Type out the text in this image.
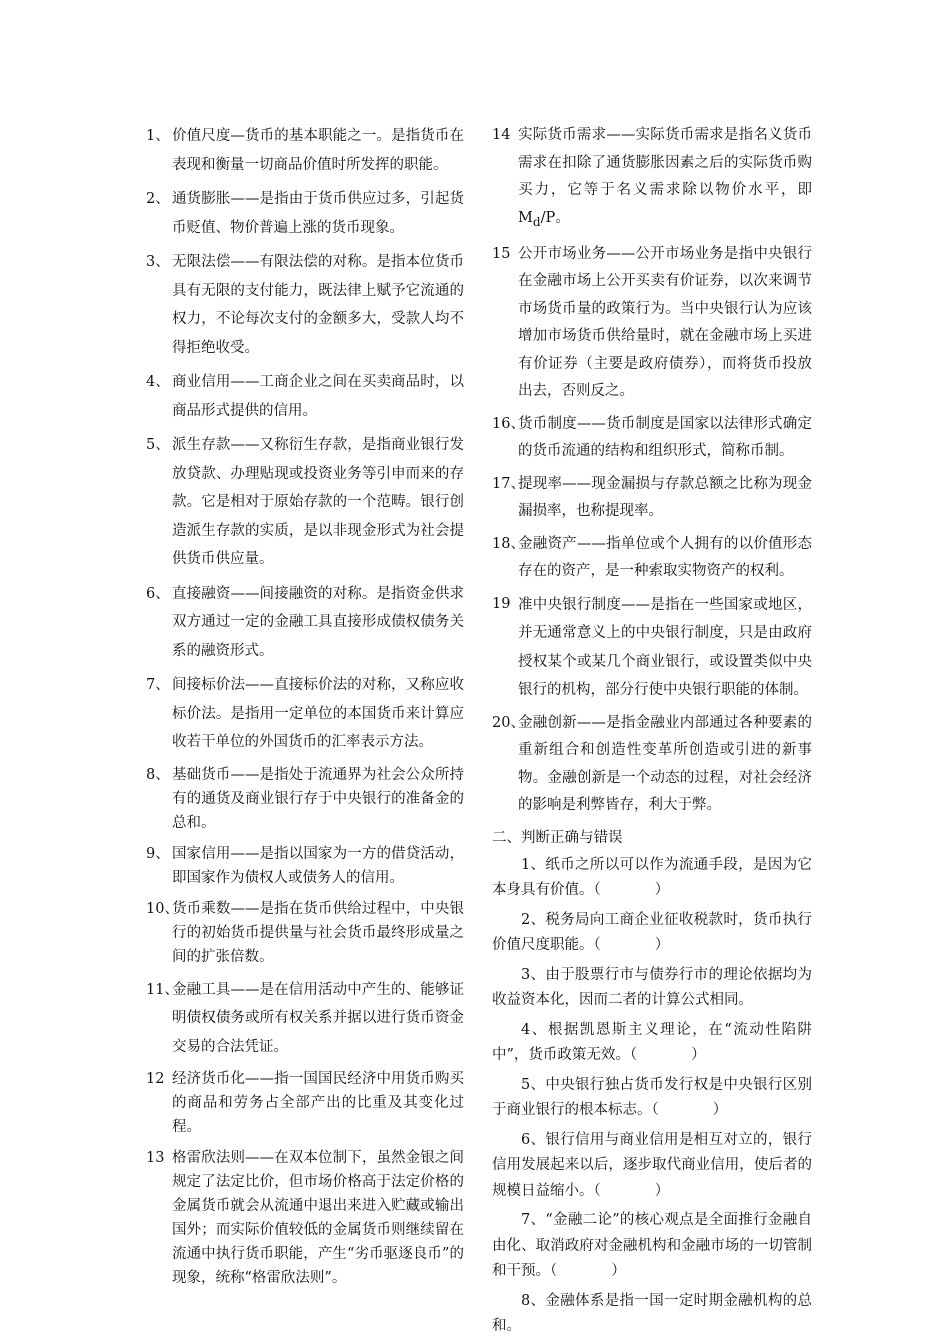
1、 价值尺度—货币的基本职能之一。是指货币在表现和衡量一切商品价值时所发挥的职能。
2、 通货膨胀——是指由于货币供应过多，引起货币贬值、物价普遍上涨的货币现象。
3、 无限法偿——有限法偿的对称。是指本位货币具有无限的支付能力，既法律上赋予它流通的权力，不论每次支付的金额多大，受款人均不得拒绝收受。
4、 商业信用——工商企业之间在买卖商品时，以商品形式提供的信用。
5、 派生存款——又称衍生存款，是指商业银行发放贷款、办理贴现或投资业务等引申而来的存款。它是相对于原始存款的一个范畴。银行创造派生存款的实质，是以非现金形式为社会提供货币供应量。
6、 直接融资——间接融资的对称。是指资金供求双方通过一定的金融工具直接形成债权债务关系的融资形式。
7、 间接标价法——直接标价法的对称，又称应收标价法。是指用一定单位的本国货币来计算应收若干单位的外国货币的汇率表示方法。
8、 基础货币——是指处于流通界为社会公众所持有的通货及商业银行存于中央银行的准备金的总和。
9、 国家信用——是指以国家为一方的借贷活动，即国家作为债权人或债务人的信用。
10、
货币乘数——是指在货币供给过程中，中央银行的初始货币提供量与社会货币最终形成量之间的扩张倍数。
11、
金融工具——是在信用活动中产生的、能够证明债权债务或所有权关系并据以进行货币资金交易的合法凭证。
12 经济货币化——指一国国民经济中用货币购买的商品和劳务占全部产出的比重及其变化过程。
13 格雷欣法则——在双本位制下，虽然金银之间规定了法定比价，但市场价格高于法定价格的金属货币就会从流通中退出来进入贮藏或输出国外；而实际价值较低的金属货币则继续留在流通中执行货币职能，产生“劣币驱逐良币”的现象，统称“格雷欣法则”。
14 实际货币需求——实际货币需求是指名义货币需求在扣除了通货膨胀因素之后的实际货币购买力，它等于名义需求除以物价水平，即 $M_d/P$。
15 公开市场业务——公开市场业务是指中央银行在金融市场上公开买卖有价证券，以次来调节市场货币量的政策行为。当中央银行认为应该增加市场货币供给量时，就在金融市场上买进有价证券（主要是政府债券），而将货币投放出去，否则反之。
16、
货币制度——货币制度是国家以法律形式确定的货币流通的结构和组织形式，简称币制。
17、
提现率——现金漏损与存款总额之比称为现金漏损率，也称提现率。
18、
金融资产——指单位或个人拥有的以价值形态存在的资产，是一种索取实物资产的权利。
19 准中央银行制度——是指在一些国家或地区，并无通常意义上的中央银行制度，只是由政府授权某个或某几个商业银行，或设置类似中央银行的机构，部分行使中央银行职能的体制。
20、
金融创新——是指金融业内部通过各种要素的重新组合和创造性变革所创造或引进的新事物。金融创新是一个动态的过程，对社会经济的影响是利弊皆存，利大于弊。
二、判断正确与错误

1、纸币之所以可以作为流通手段，是因为它本身具有价值。（	）

2、税务局向工商企业征收税款时，货币执行价值尺度职能。（	）

3、由于股票行市与债券行市的理论依据均为收益资本化，因而二者的计算公式相同。

4、根据凯恩斯主义理论，在“流动性陷阱中”，货币政策无效。（	）

5、中央银行独占货币发行权是中央银行区别于商业银行的根本标志。（	）

6、银行信用与商业信用是相互对立的，银行信用发展起来以后，逐步取代商业信用，使后者的规模日益缩小。（	）

7、“金融二论”的核心观点是全面推行金融自由化、取消政府对金融机构和金融市场的一切管制和干预。（	）

8、金融体系是指一国一定时期金融机构的总和。
